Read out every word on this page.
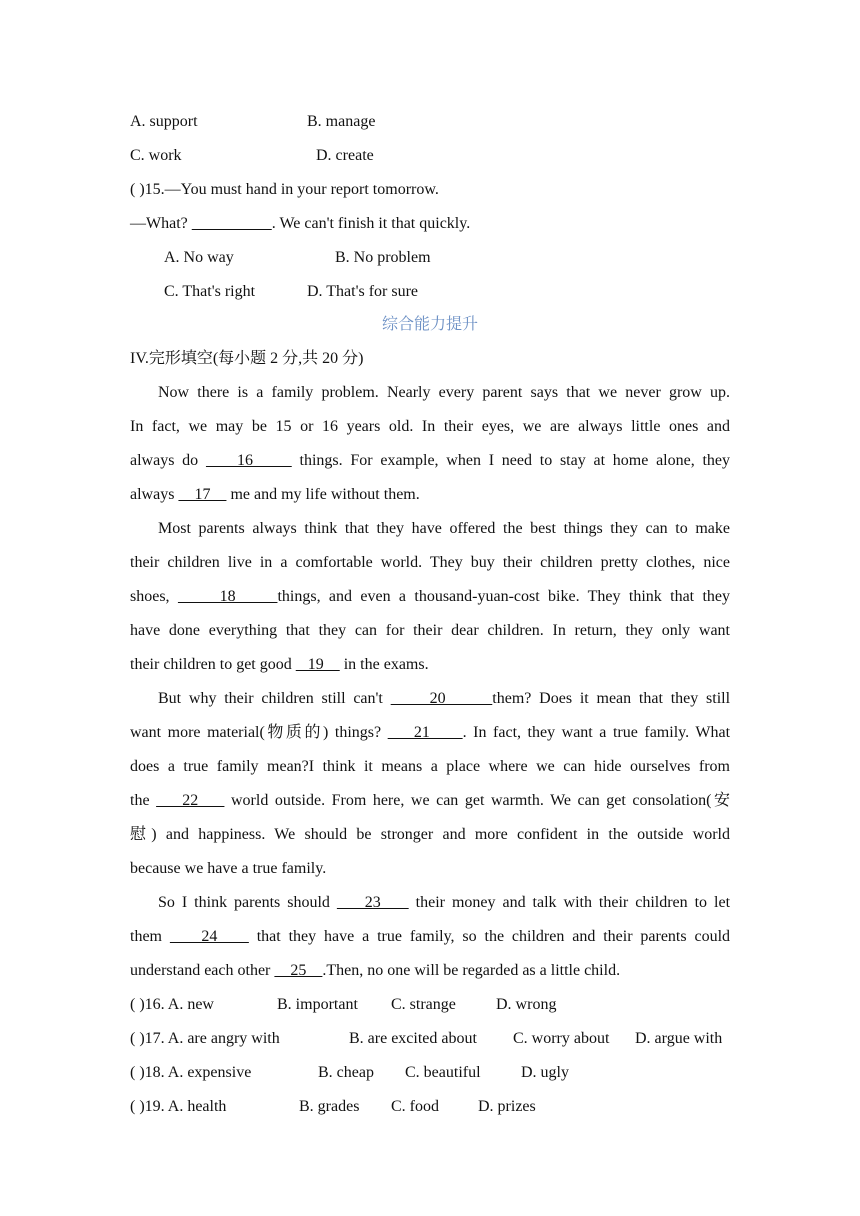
A. support	B. manage
C. work	D. create
( )15.—You must hand in your report tomorrow.
—What?	. We can't finish it that quickly.
A. No way	B. No problem
C. That's right	D. That's for sure
综合能力提升
IV.完形填空(每小题 2 分,共 20 分)
Now there is a family problem. Nearly every parent says that we never grow up.
In fact, we may be 15 or 16 years old. In their eyes, we are always little ones and
always do     16      things. For example, when I need to stay at home alone, they
always     17     me and my life without them.
Most parents always think that they have offered the best things they can to make
their children live in a comfortable world. They buy their children pretty clothes, nice
shoes,      18     things, and even a thousand-yuan-cost bike. They think that they
have done everything that they can for their dear children. In return, they only want
their children to get good    19     in the exams.
But why their children still can't      20      them? Does it mean that they still
want more material(物质的) things?     21     . In fact, they want a true family. What
does a true family mean?I think it means a place where we can hide ourselves from
the     22     world outside. From here, we can get warmth. We can get consolation(安
慰) and happiness. We should be stronger and more confident in the outside world
because we have a true family.
So I think parents should     23     their money and talk with their children to let
them     24     that they have a true family, so the children and their parents could
understand each other     25    .Then, no one will be regarded as a little child.
( )16. A. new	B. important C. strange	D. wrong
( )17. A. are angry with	B. are excited about C. worry about D. argue with
( )18. A. expensive	B. cheap C. beautiful	D. ugly
( )19. A. health	B. grades C. food D. prizes
